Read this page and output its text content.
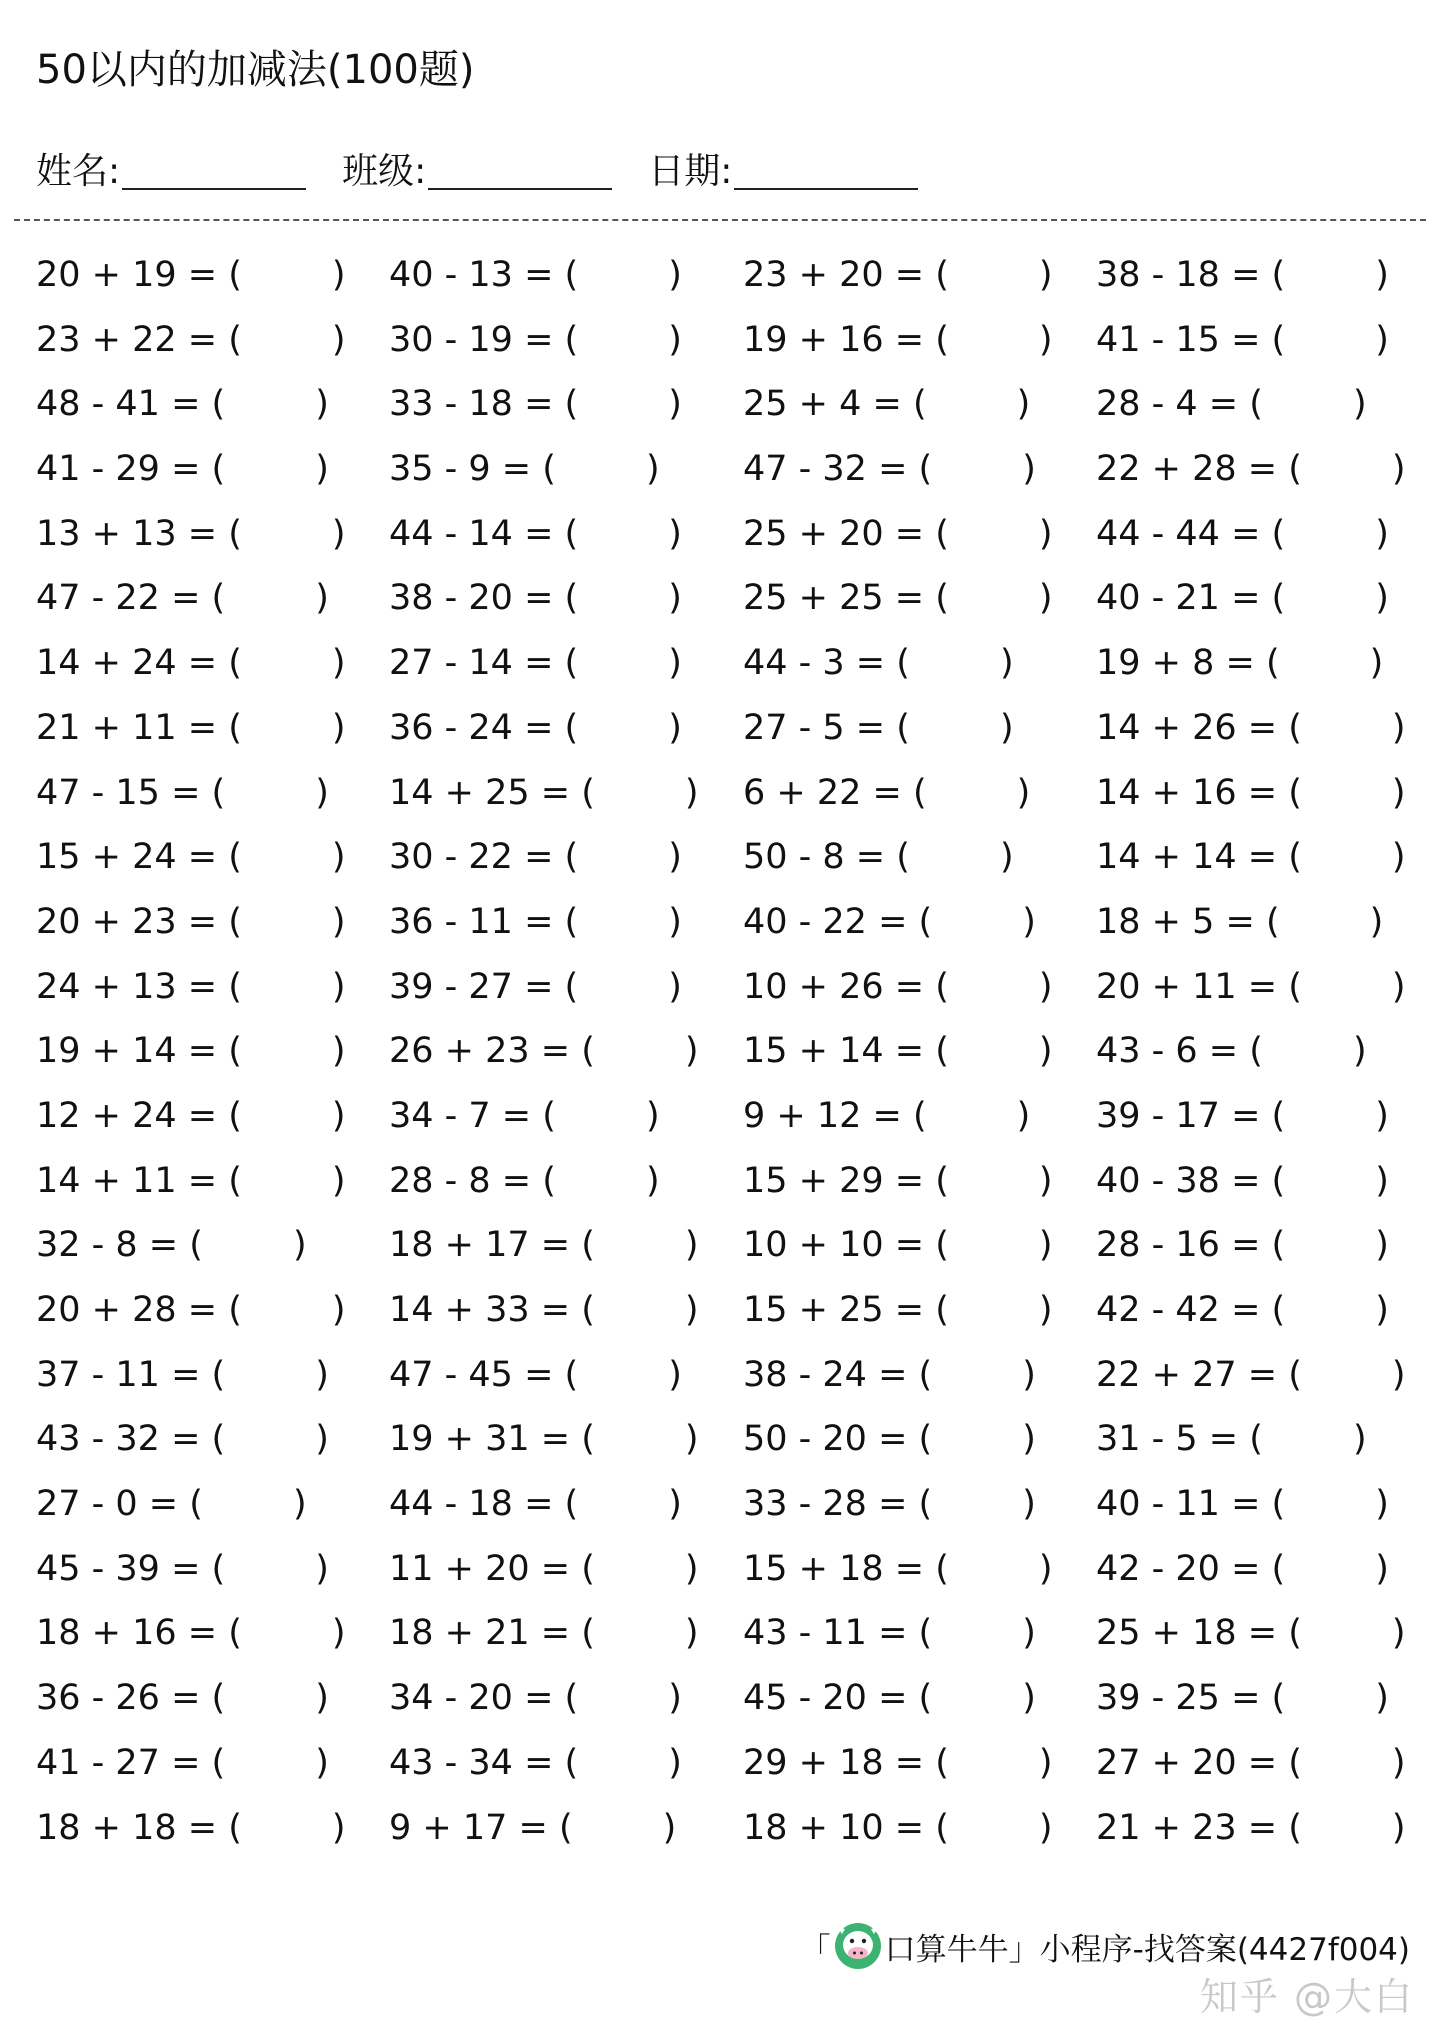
50以内的加减法(100题)
姓名:	班级:	日期:
20 + 19 = (	) 40 - 13 = (	) 23 + 20 = (	) 38 - 18 = (	)
23 + 22 = (	) 30 - 19 = (	) 19 + 16 = (	) 41 - 15 = (	)
48 - 41 = (	) 33 - 18 = (	) 25 + 4 = (	) 28 - 4 = (	)
41 - 29 = (	) 35 - 9 = (	) 47 - 32 = (	) 22 + 28 = (	)
13 + 13 = (	) 44 - 14 = (	) 25 + 20 = (	) 44 - 44 = (	)
47 - 22 = (	) 38 - 20 = (	) 25 + 25 = (	) 40 - 21 = (	)
14 + 24 = (	) 27 - 14 = (	) 44 - 3 = (	) 19 + 8 = (	)
21 + 11 = (	) 36 - 24 = (	) 27 - 5 = (	) 14 + 26 = (	)
47 - 15 = (	) 14 + 25 = (	) 6 + 22 = (	) 14 + 16 = (	)
15 + 24 = (	) 30 - 22 = (	) 50 - 8 = (	) 14 + 14 = (	)
20 + 23 = (	) 36 - 11 = (	) 40 - 22 = (	) 18 + 5 = (	)
24 + 13 = (	) 39 - 27 = (	) 10 + 26 = (	) 20 + 11 = (	)
19 + 14 = (	) 26 + 23 = (	) 15 + 14 = (	) 43 - 6 = (	)
12 + 24 = (	) 34 - 7 = (	) 9 + 12 = (	) 39 - 17 = (	)
14 + 11 = (	) 28 - 8 = (	) 15 + 29 = (	) 40 - 38 = (	)
32 - 8 = (	) 18 + 17 = (	) 10 + 10 = (	) 28 - 16 = (	)
20 + 28 = (	) 14 + 33 = (	) 15 + 25 = (	) 42 - 42 = (	)
37 - 11 = (	) 47 - 45 = (	) 38 - 24 = (	) 22 + 27 = (	)
43 - 32 = (	) 19 + 31 = (	) 50 - 20 = (	) 31 - 5 = (	)
27 - 0 = (	) 44 - 18 = (	) 33 - 28 = (	) 40 - 11 = (	)
45 - 39 = (	) 11 + 20 = (	) 15 + 18 = (	) 42 - 20 = (	)
18 + 16 = (	) 18 + 21 = (	) 43 - 11 = (	) 25 + 18 = (	)
36 - 26 = (	) 34 - 20 = (	) 45 - 20 = (	) 39 - 25 = (	)
41 - 27 = (	) 43 - 34 = (	) 29 + 18 = (	) 27 + 20 = (	)
18 + 18 = (	) 9 + 17 = (	) 18 + 10 = (	) 21 + 23 = (	)
「 口算牛牛 」 小程序-找答案(4427f004)
知乎 @大白
